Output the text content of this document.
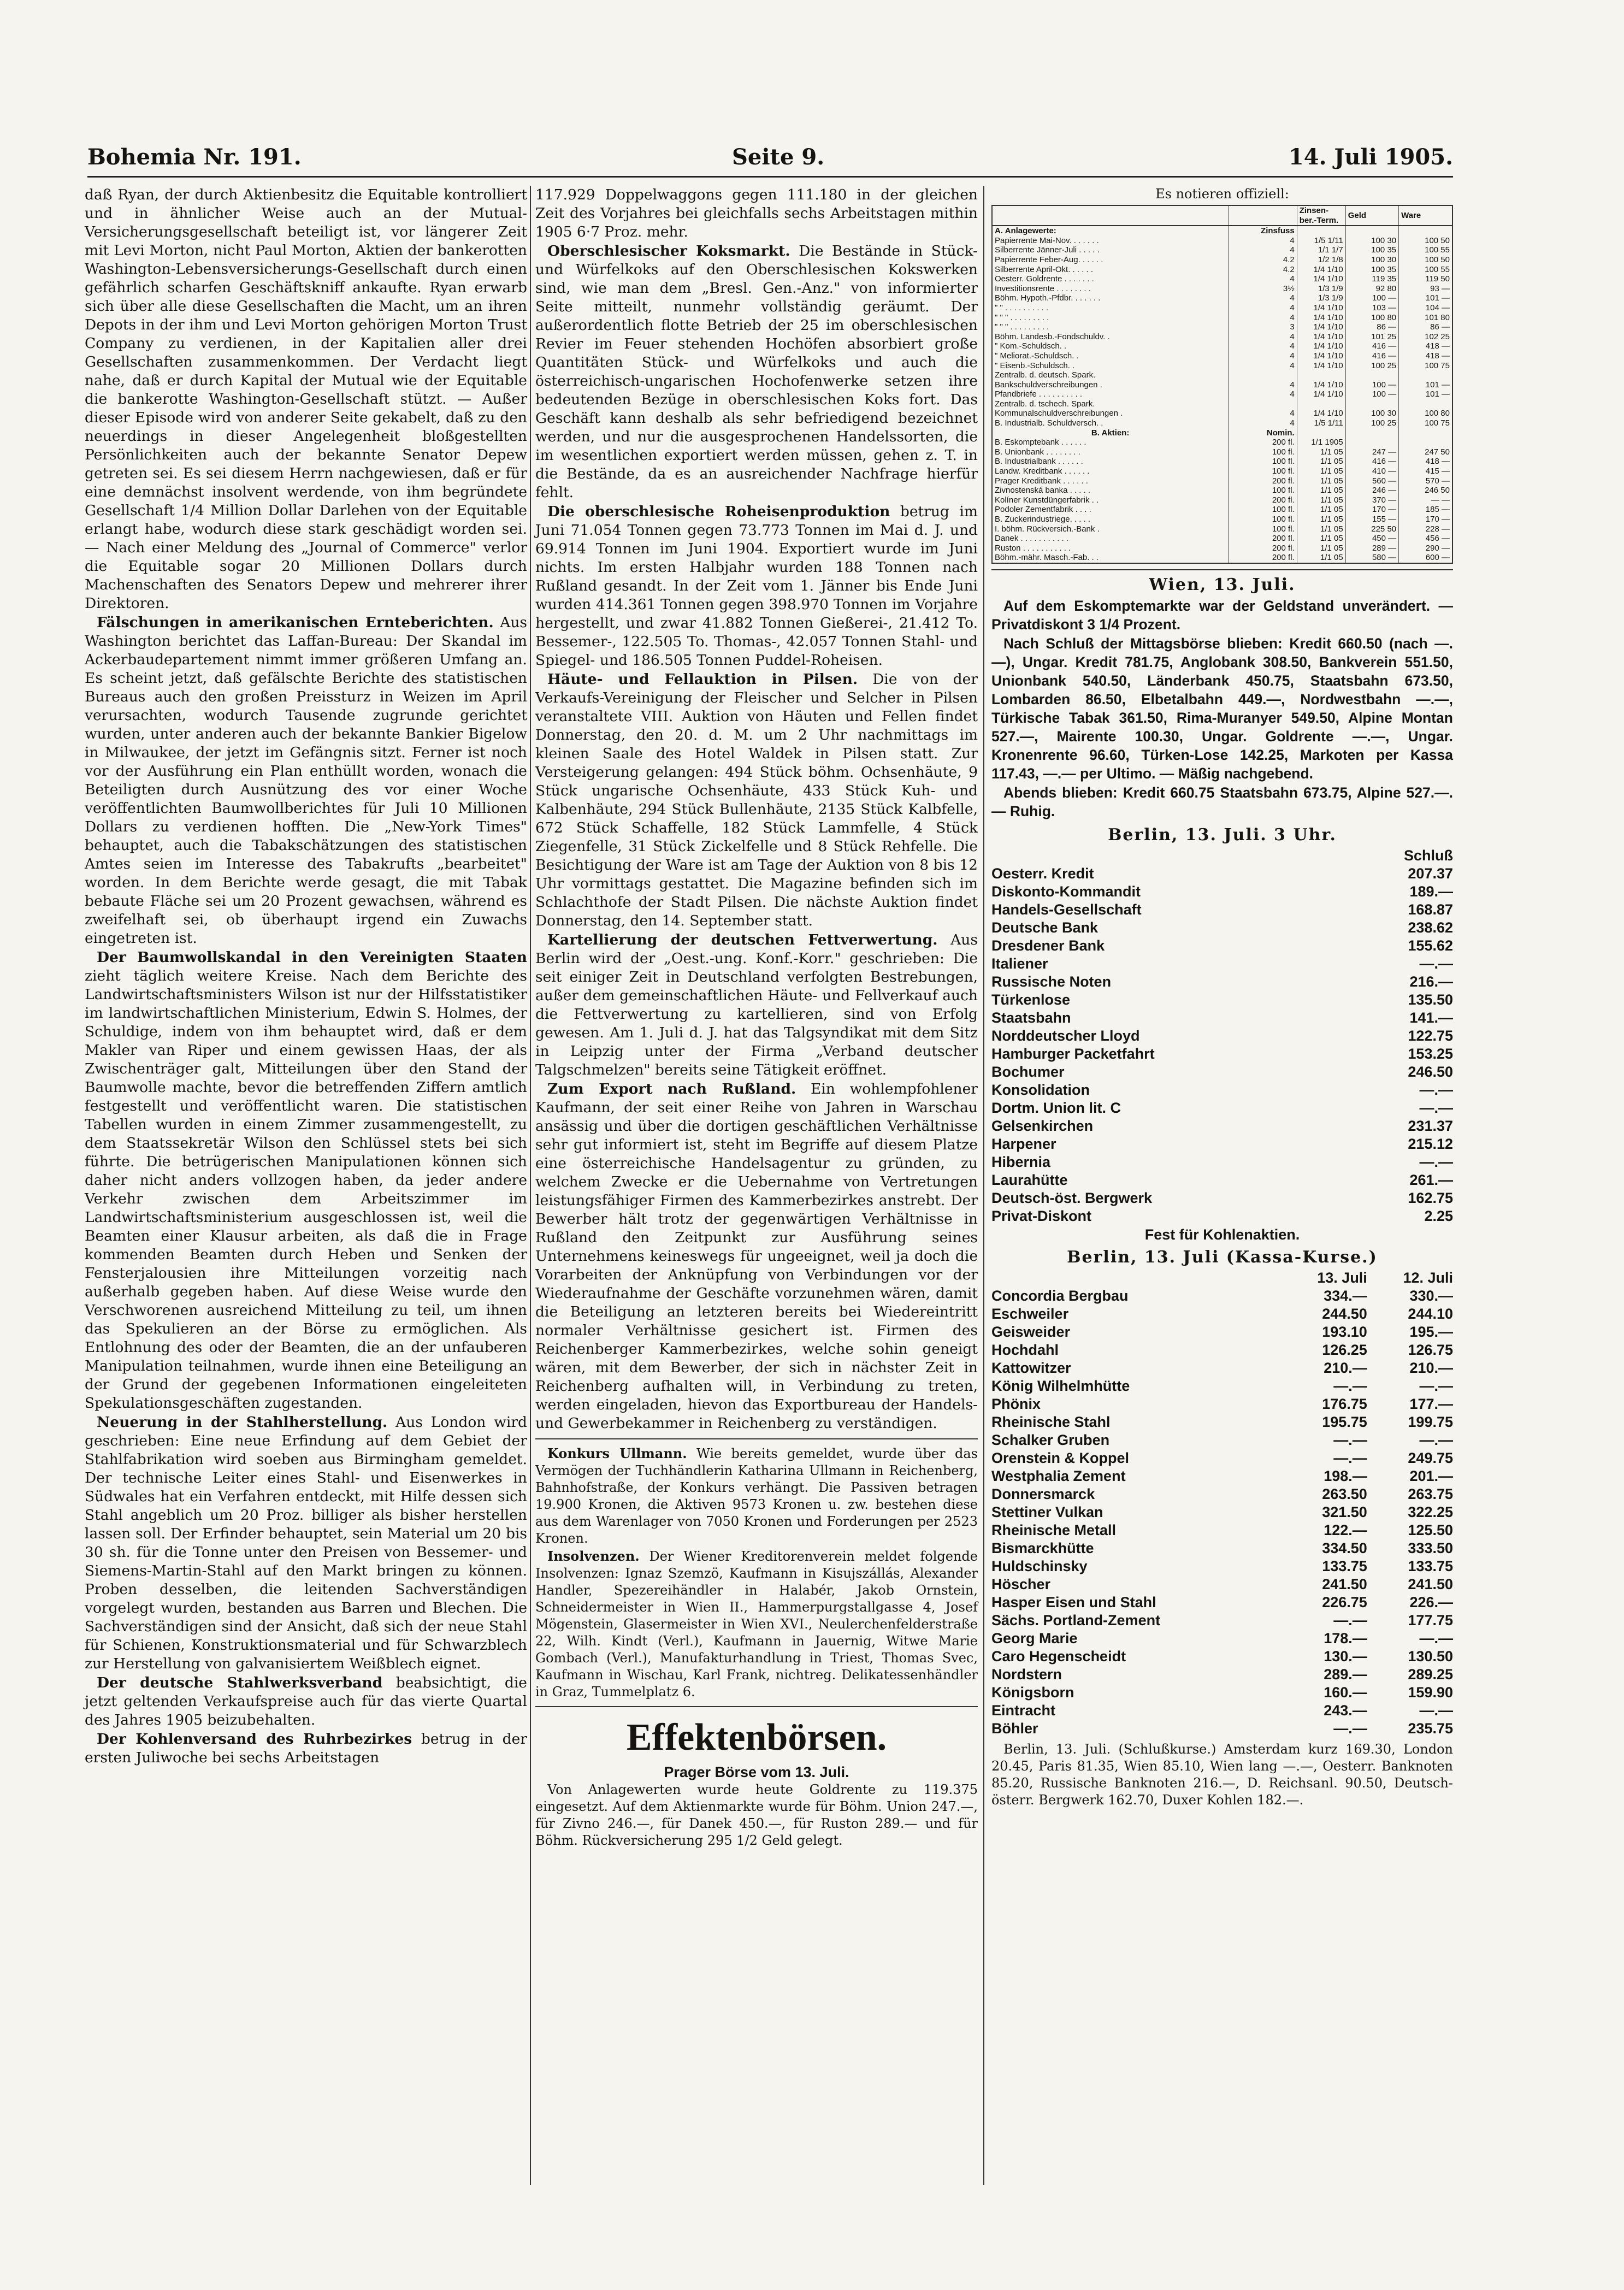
Bohemia Nr. 191.	Seite 9.	14. Juli 1905.

daß Ryan, der durch Aktienbesitz die Equitable kontrolliert und in ähnlicher Weise auch an der Mutual-Versicherungsgesellschaft beteiligt ist, vor längerer Zeit mit Levi Morton, nicht Paul Morton, Aktien der bankerotten Washington-Lebensversicherungs-Gesellschaft durch einen gefährlich scharfen Geschäftskniff ankaufte. Ryan erwarb sich über alle diese Gesellschaften die Macht, um an ihren Depots in der ihm und Levi Morton gehörigen Morton Trust Company zu verdienen, in der Kapitalien aller drei Gesellschaften zusammenkommen. Der Verdacht liegt nahe, daß er durch Kapital der Mutual wie der Equitable die bankerotte Washington-Gesellschaft stützt. — Außer dieser Episode wird von anderer Seite gekabelt, daß zu den neuerdings in dieser Angelegenheit bloßgestellten Persönlichkeiten auch der bekannte Senator Depew getreten sei. Es sei diesem Herrn nachgewiesen, daß er für eine demnächst insolvent werdende, von ihm begründete Gesellschaft 1/4 Million Dollar Darlehen von der Equitable erlangt habe, wodurch diese stark geschädigt worden sei. — Nach einer Meldung des „Journal of Commerce" verlor die Equitable sogar 20 Millionen Dollars durch Machenschaften des Senators Depew und mehrerer ihrer Direktoren.

Fälschungen in amerikanischen Ernteberichten. Aus Washington berichtet das Laffan-Bureau: Der Skandal im Ackerbaudepartement nimmt immer größeren Umfang an. Es scheint jetzt, daß gefälschte Berichte des statistischen Bureaus auch den großen Preissturz in Weizen im April verursachten, wodurch Tausende zugrunde gerichtet wurden, unter anderen auch der bekannte Bankier Bigelow in Milwaukee, der jetzt im Gefängnis sitzt. Ferner ist noch vor der Ausführung ein Plan enthüllt worden, wonach die Beteiligten durch Ausnützung des vor einer Woche veröffentlichten Baumwollberichtes für Juli 10 Millionen Dollars zu verdienen hofften. Die „New-York Times" behauptet, auch die Tabakschätzungen des statistischen Amtes seien im Interesse des Tabakrufts „bearbeitet" worden. In dem Berichte werde gesagt, die mit Tabak bebaute Fläche sei um 20 Prozent gewachsen, während es zweifelhaft sei, ob überhaupt irgend ein Zuwachs eingetreten ist.

Der Baumwollskandal in den Vereinigten Staaten zieht täglich weitere Kreise. Nach dem Berichte des Landwirtschaftsministers Wilson ist nur der Hilfsstatistiker im landwirtschaftlichen Ministerium, Edwin S. Holmes, der Schuldige, indem von ihm behauptet wird, daß er dem Makler van Riper und einem gewissen Haas, der als Zwischenträger galt, Mitteilungen über den Stand der Baumwolle machte, bevor die betreffenden Ziffern amtlich festgestellt und veröffentlicht waren. Die statistischen Tabellen wurden in einem Zimmer zusammengestellt, zu dem Staatssekretär Wilson den Schlüssel stets bei sich führte. Die betrügerischen Manipulationen können sich daher nicht anders vollzogen haben, da jeder andere Verkehr zwischen dem Arbeitszimmer im Landwirtschaftsministerium ausgeschlossen ist, weil die Beamten einer Klausur arbeiten, als daß die in Frage kommenden Beamten durch Heben und Senken der Fensterjalousien ihre Mitteilungen vorzeitig nach außerhalb gegeben haben. Auf diese Weise wurde den Verschworenen ausreichend Mitteilung zu teil, um ihnen das Spekulieren an der Börse zu ermöglichen. Als Entlohnung des oder der Beamten, die an der unfauberen Manipulation teilnahmen, wurde ihnen eine Beteiligung an der Grund der gegebenen Informationen eingeleiteten Spekulationsgeschäften zugestanden.

Neuerung in der Stahlherstellung. Aus London wird geschrieben: Eine neue Erfindung auf dem Gebiet der Stahlfabrikation wird soeben aus Birmingham gemeldet. Der technische Leiter eines Stahl- und Eisenwerkes in Südwales hat ein Verfahren entdeckt, mit Hilfe dessen sich Stahl angeblich um 20 Proz. billiger als bisher herstellen lassen soll. Der Erfinder behauptet, sein Material um 20 bis 30 sh. für die Tonne unter den Preisen von Bessemer- und Siemens-Martin-Stahl auf den Markt bringen zu können. Proben desselben, die leitenden Sachverständigen vorgelegt wurden, bestanden aus Barren und Blechen. Die Sachverständigen sind der Ansicht, daß sich der neue Stahl für Schienen, Konstruktionsmaterial und für Schwarzblech zur Herstellung von galvanisiertem Weißblech eignet.

Der deutsche Stahlwerksverband beabsichtigt, die jetzt geltenden Verkaufspreise auch für das vierte Quartal des Jahres 1905 beizubehalten.

Der Kohlenversand des Ruhrbezirkes betrug in der ersten Juliwoche bei sechs Arbeitstagen

117.929 Doppelwaggons gegen 111.180 in der gleichen Zeit des Vorjahres bei gleichfalls sechs Arbeitstagen mithin 1905 6·7 Proz. mehr.

Oberschlesischer Koksmarkt. Die Bestände in Stück- und Würfelkoks auf den Oberschlesischen Kokswerken sind, wie man dem „Bresl. Gen.-Anz." von informierter Seite mitteilt, nunmehr vollständig geräumt. Der außerordentlich flotte Betrieb der 25 im oberschlesischen Revier im Feuer stehenden Hochöfen absorbiert große Quantitäten Stück- und Würfelkoks und auch die österreichisch-ungarischen Hochofenwerke setzen ihre bedeutenden Bezüge in oberschlesischen Koks fort. Das Geschäft kann deshalb als sehr befriedigend bezeichnet werden, und nur die ausgesprochenen Handelssorten, die im wesentlichen exportiert werden müssen, gehen z. T. in die Bestände, da es an ausreichender Nachfrage hierfür fehlt.

Die oberschlesische Roheisenproduktion betrug im Juni 71.054 Tonnen gegen 73.773 Tonnen im Mai d. J. und 69.914 Tonnen im Juni 1904. Exportiert wurde im Juni nichts. Im ersten Halbjahr wurden 188 Tonnen nach Rußland gesandt. In der Zeit vom 1. Jänner bis Ende Juni wurden 414.361 Tonnen gegen 398.970 Tonnen im Vorjahre hergestellt, und zwar 41.882 Tonnen Gießerei-, 21.412 To. Bessemer-, 122.505 To. Thomas-, 42.057 Tonnen Stahl- und Spiegel- und 186.505 Tonnen Puddel-Roheisen.

Häute- und Fellauktion in Pilsen. Die von der Verkaufs-Vereinigung der Fleischer und Selcher in Pilsen veranstaltete VIII. Auktion von Häuten und Fellen findet Donnerstag, den 20. d. M. um 2 Uhr nachmittags im kleinen Saale des Hotel Waldek in Pilsen statt. Zur Versteigerung gelangen: 494 Stück böhm. Ochsenhäute, 9 Stück ungarische Ochsenhäute, 433 Stück Kuh- und Kalbenhäute, 294 Stück Bullenhäute, 2135 Stück Kalbfelle, 672 Stück Schaffelle, 182 Stück Lammfelle, 4 Stück Ziegenfelle, 31 Stück Zickelfelle und 8 Stück Rehfelle. Die Besichtigung der Ware ist am Tage der Auktion von 8 bis 12 Uhr vormittags gestattet. Die Magazine befinden sich im Schlachthofe der Stadt Pilsen. Die nächste Auktion findet Donnerstag, den 14. September statt.

Kartellierung der deutschen Fettverwertung. Aus Berlin wird der „Oest.-ung. Konf.-Korr." geschrieben: Die seit einiger Zeit in Deutschland verfolgten Bestrebungen, außer dem gemeinschaftlichen Häute- und Fellverkauf auch die Fettverwertung zu kartellieren, sind von Erfolg gewesen. Am 1. Juli d. J. hat das Talgsyndikat mit dem Sitz in Leipzig unter der Firma „Verband deutscher Talgschmelzen" bereits seine Tätigkeit eröffnet.

Zum Export nach Rußland. Ein wohlempfohlener Kaufmann, der seit einer Reihe von Jahren in Warschau ansässig und über die dortigen geschäftlichen Verhältnisse sehr gut informiert ist, steht im Begriffe auf diesem Platze eine österreichische Handelsagentur zu gründen, zu welchem Zwecke er die Uebernahme von Vertretungen leistungsfähiger Firmen des Kammerbezirkes anstrebt. Der Bewerber hält trotz der gegenwärtigen Verhältnisse in Rußland den Zeitpunkt zur Ausführung seines Unternehmens keineswegs für ungeeignet, weil ja doch die Vorarbeiten der Anknüpfung von Verbindungen vor der Wiederaufnahme der Geschäfte vorzunehmen wären, damit die Beteiligung an letzteren bereits bei Wiedereintritt normaler Verhältnisse gesichert ist. Firmen des Reichenberger Kammerbezirkes, welche sohin geneigt wären, mit dem Bewerber, der sich in nächster Zeit in Reichenberg aufhalten will, in Verbindung zu treten, werden eingeladen, hievon das Exportbureau der Handels- und Gewerbekammer in Reichenberg zu verständigen.

Konkurs Ullmann. Wie bereits gemeldet, wurde über das Vermögen der Tuchhändlerin Katharina Ullmann in Reichenberg, Bahnhofstraße, der Konkurs verhängt. Die Passiven betragen 19.900 Kronen, die Aktiven 9573 Kronen u. zw. bestehen diese aus dem Warenlager von 7050 Kronen und Forderungen per 2523 Kronen.

Insolvenzen. Der Wiener Kreditorenverein meldet folgende Insolvenzen: Ignaz Szemzö, Kaufmann in Kisujszállás, Alexander Handler, Spezereihändler in Halabér, Jakob Ornstein, Schneidermeister in Wien II., Hammerpurgstallgasse 4, Josef Mögenstein, Glasermeister in Wien XVI., Neulerchenfelderstraße 22, Wilh. Kindt (Verl.), Kaufmann in Jauernig, Witwe Marie Gombach (Verl.), Manufakturhandlung in Triest, Thomas Svec, Kaufmann in Wischau, Karl Frank, nichtreg. Delikatessenhändler in Graz, Tummelplatz 6.

Effektenbörsen.
Prager Börse vom 13. Juli.

Von Anlagewerten wurde heute Goldrente zu 119.375 eingesetzt. Auf dem Aktienmarkte wurde für Böhm. Union 247.—, für Zivno 246.—, für Danek 450.—, für Ruston 289.— und für Böhm. Rückversicherung 295 1/2 Geld gelegt.

Es notieren offiziell:
		Zinsen-ber.-Term.	Geld	Ware
A. Anlagewerte:	Zinsfuss			
Papierrente Mai-Nov. . . . . . .	4	1/5 1/11	100 30	100 50
Silberrente Jänner-Juli . . . . .	4	1/1 1/7	100 35	100 55
Papierrente Feber-Aug. . . . . .	4.2	1/2 1/8	100 30	100 50
Silberrente April-Okt. . . . . .	4.2	1/4 1/10	100 35	100 55
Oesterr. Goldrente . . . . . . .	4	1/4 1/10	119 35	119 50
Investitionsrente . . . . . . . .	3½	1/3 1/9	92 80	93 —
Böhm. Hypoth.-Pfdbr. . . . . . .	4	1/3 1/9	100 —	101 —
" " . . . . . . . . . .	4	1/4 1/10	103 —	104 —
" " " . . . . . . . . .	4	1/4 1/10	100 80	101 80
" " " . . . . . . . . .	3	1/4 1/10	86 —	86 —
Böhm. Landesb.-Fondschuldv. .	4	1/4 1/10	101 25	102 25
" Kom.-Schuldsch. .	4	1/4 1/10	416 —	418 —
" Meliorat.-Schuldsch. .	4	1/4 1/10	416 —	418 —
" Eisenb.-Schuldsch. .	4	1/4 1/10	100 25	100 75
Zentralb. d. deutsch. Spark.				
Bankschuldverschreibungen .	4	1/4 1/10	100 —	101 —
Pfandbriefe . . . . . . . . . .	4	1/4 1/10	100 —	101 —
Zentralb. d. tschech. Spark.				
Kommunalschuldverschreibungen .	4	1/4 1/10	100 30	100 80
B. Industrialb. Schuldversch. .	4	1/5 1/11	100 25	100 75
B. Aktien:	Nomin.			
B. Eskomptebank . . . . . .	200 fl.	1/1 1905		
B. Unionbank . . . . . . . .	100 fl.	1/1 05	247 —	247 50
B. Industrialbank . . . . . .	100 fl.	1/1 05	416 —	418 —
Landw. Kreditbank . . . . . .	100 fl.	1/1 05	410 —	415 —
Prager Kreditbank . . . . . .	200 fl.	1/1 05	560 —	570 —
Zivnostenská banka . . . . .	100 fl.	1/1 05	246 —	246 50
Kolíner Kunstdüngerfabrik . .	200 fl.	1/1 05	370 —	— —
Podoler Zementfabrik . . . .	100 fl.	1/1 05	170 —	185 —
B. Zuckerindustriege. . . . .	100 fl.	1/1 05	155 —	170 —
I. böhm. Rückversich.-Bank .	100 fl.	1/1 05	225 50	228 —
Danek . . . . . . . . . . .	200 fl.	1/1 05	450 —	456 —
Ruston . . . . . . . . . . .	200 fl.	1/1 05	289 —	290 —
Böhm.-mähr. Masch.-Fab. . .	200 fl.	1/1 05	580 —	600 —
Wien, 13. Juli.

Auf dem Eskomptemarkte war der Geldstand unverändert. — Privatdiskont 3 1/4 Prozent.

Nach Schluß der Mittagsbörse blieben: Kredit 660.50 (nach —.—), Ungar. Kredit 781.75, Anglobank 308.50, Bankverein 551.50, Unionbank 540.50, Länderbank 450.75, Staatsbahn 673.50, Lombarden 86.50, Elbetalbahn 449.—, Nordwestbahn —.—, Türkische Tabak 361.50, Rima-Muranyer 549.50, Alpine Montan 527.—, Mairente 100.30, Ungar. Goldrente —.—, Ungar. Kronenrente 96.60, Türken-Lose 142.25, Markoten per Kassa 117.43, —.— per Ultimo. — Mäßig nachgebend.

Abends blieben: Kredit 660.75 Staatsbahn 673.75, Alpine 527.—. — Ruhig.

Berlin, 13. Juli. 3 Uhr.
	Schluß
Oesterr. Kredit	207.37
Diskonto-Kommandit	189.—
Handels-Gesellschaft	168.87
Deutsche Bank	238.62
Dresdener Bank	155.62
Italiener	—.—
Russische Noten	216.—
Türkenlose	135.50
Staatsbahn	141.—
Norddeutscher Lloyd	122.75
Hamburger Packetfahrt	153.25
Bochumer	246.50
Konsolidation	—.—
Dortm. Union lit. C	—.—
Gelsenkirchen	231.37
Harpener	215.12
Hibernia	—.—
Laurahütte	261.—
Deutsch-öst. Bergwerk	162.75
Privat-Diskont	2.25
Fest für Kohlenaktien.
Berlin, 13. Juli (Kassa-Kurse.)
	13. Juli	12. Juli
Concordia Bergbau	334.—	330.—
Eschweiler	244.50	244.10
Geisweider	193.10	195.—
Hochdahl	126.25	126.75
Kattowitzer	210.—	210.—
König Wilhelmhütte	—.—	—.—
Phönix	176.75	177.—
Rheinische Stahl	195.75	199.75
Schalker Gruben	—.—	—.—
Orenstein & Koppel	—.—	249.75
Westphalia Zement	198.—	201.—
Donnersmarck	263.50	263.75
Stettiner Vulkan	321.50	322.25
Rheinische Metall	122.—	125.50
Bismarckhütte	334.50	333.50
Huldschinsky	133.75	133.75
Höscher	241.50	241.50
Hasper Eisen und Stahl	226.75	226.—
Sächs. Portland-Zement	—.—	177.75
Georg Marie	178.—	—.—
Caro Hegenscheidt	130.—	130.50
Nordstern	289.—	289.25
Königsborn	160.—	159.90
Eintracht	243.—	—.—
Böhler	—.—	235.75

Berlin, 13. Juli. (Schlußkurse.) Amsterdam kurz 169.30, London 20.45, Paris 81.35, Wien 85.10, Wien lang —.—, Oesterr. Banknoten 85.20, Russische Banknoten 216.—, D. Reichsanl. 90.50, Deutsch-österr. Bergwerk 162.70, Duxer Kohlen 182.—.
